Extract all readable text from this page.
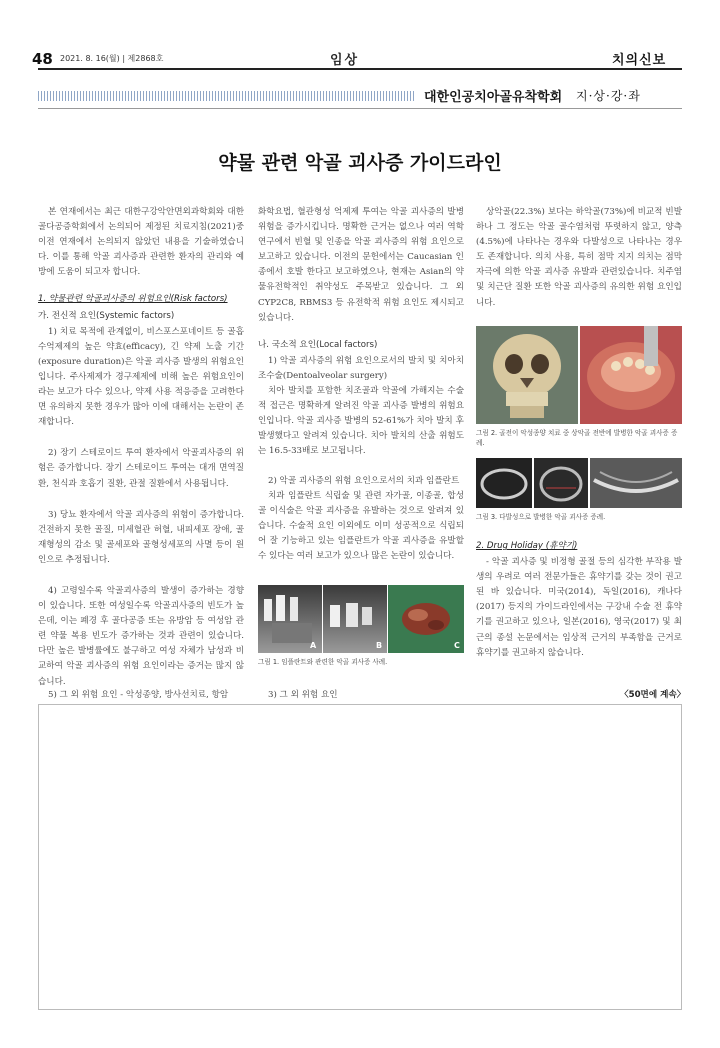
48 2021. 8. 16(월) | 제2868호	임상	치의신보
대한인공치아골유착학회 지·상·강·좌
약물 관련 악골 괴사증 가이드라인

본 연재에서는 최근 대한구강악안면외과학회와 대한골다공증학회에서 논의되어 제정된 치료지침(2021)중 이전 연재에서 논의되지 않았던 내용을 기술하였습니다. 이를 통해 악골 괴사증과 관련한 환자의 관리와 예방에 도움이 되고자 합니다.

1. 약물관련 악골괴사증의 위험요인(Risk factors)

가. 전신적 요인(Systemic factors)

1) 치료 목적에 관계없이, 비스포스포네이트 등 골흡수억제제의 높은 약효(efficacy), 긴 약제 노출 기간(exposure duration)은 악골 괴사증 발생의 위험요인입니다. 주사제제가 경구제제에 비해 높은 위험요인이라는 보고가 다수 있으나, 약제 사용 적응증을 고려한다면 유의하지 못한 경우가 많아 이에 대해서는 논란이 존재합니다.

2) 장기 스테로이드 투여 환자에서 악골괴사증의 위험은 증가합니다. 장기 스테로이드 투여는 대개 면역질환, 천식과 호흡기 질환, 관절 질환에서 사용됩니다.

3) 당뇨 환자에서 악골 괴사증의 위험이 증가합니다. 건전하지 못한 골질, 미세혈관 허혈, 내피세포 장애, 골재형성의 감소 및 골세포와 골형성세포의 사멸 등이 원인으로 추정됩니다.

4) 고령일수록 악골괴사증의 발생이 증가하는 경향이 있습니다. 또한 여성일수록 악골괴사증의 빈도가 높은데, 이는 폐경 후 골다공증 또는 유방암 등 여성암 관련 약물 복용 빈도가 증가하는 것과 관련이 있습니다. 다만 높은 발병률에도 불구하고 여성 자체가 남성과 비교하여 악골 괴사증의 위험 요인이라는 증거는 많지 않습니다.

5) 그 외 위험 요인 - 악성종양, 방사선치료, 항암

화학요법, 혈관형성 억제제 투여는 악골 괴사증의 발병 위험을 증가시킵니다. 명확한 근거는 없으나 여러 역학 연구에서 빈혈 및 인종을 악골 괴사증의 위험 요인으로 보고하고 있습니다. 이전의 문헌에서는 Caucasian 인종에서 호발 한다고 보고하였으나, 현재는 Asian의 약물유전학적인 취약성도 주목받고 있습니다. 그 외 CYP2C8, RBMS3 등 유전학적 위험 요인도 제시되고 있습니다.

나. 국소적 요인(Local factors)

1) 악골 괴사증의 위험 요인으로서의 발치 및 치아치조수술(Dentoalveolar surgery)

치아 발치를 포함한 치조골과 악골에 가해지는 수술적 접근은 명확하게 알려진 악골 괴사증 발병의 위험요인입니다. 악골 괴사증 발병의 52-61%가 치아 발치 후 발생했다고 알려져 있습니다. 치아 발치의 산출 위험도는 16.5-33배로 보고됩니다.

2) 악골 괴사증의 위험 요인으로서의 치과 임플란트

치과 임플란트 식립술 및 관련 자가골, 이종골, 합성골 이식술은 악골 괴사증을 유발하는 것으로 알려져 있습니다. 수술적 요인 이외에도 이미 성공적으로 식립되어 잘 기능하고 있는 임플란트가 악골 괴사증을 유발할 수 있다는 여러 보고가 있으나 많은 논란이 있습니다.

A	B	C
그림 1. 임플란트와 관련한 악골 괴사증 사례.
3) 그 외 위험 요인

상악골(22.3%) 보다는 하악골(73%)에 비교적 빈발하나 그 정도는 악골 골수염처럼 뚜렷하지 않고, 양측(4.5%)에 나타나는 경우와 다발성으로 나타나는 경우도 존재합니다. 의치 사용, 특히 점막 지지 의치는 점막자극에 의한 악골 괴사증 유발과 관련있습니다. 치주염 및 치근단 질환 또한 악골 괴사증의 유의한 위험 요인입니다.

그림 2. 골전이 악성종양 치료 중 상악골 전반에 발병한 악골 괴사증 증례.
그림 3. 다발성으로 발병한 악골 괴사증 증례.

2. Drug Holiday (휴약기)

- 악골 괴사증 및 비정형 골절 등의 심각한 부작용 발생의 우려로 여러 전문가들은 휴약기를 갖는 것이 권고된 바 있습니다. 미국(2014), 독일(2016), 캐나다(2017) 등지의 가이드라인에서는 구강내 수술 전 휴약기를 권고하고 있으나, 일본(2016), 영국(2017) 및 최근의 종설 논문에서는 임상적 근거의 부족함을 근거로 휴약기를 권고하지 않습니다.

〈50면에 계속〉
